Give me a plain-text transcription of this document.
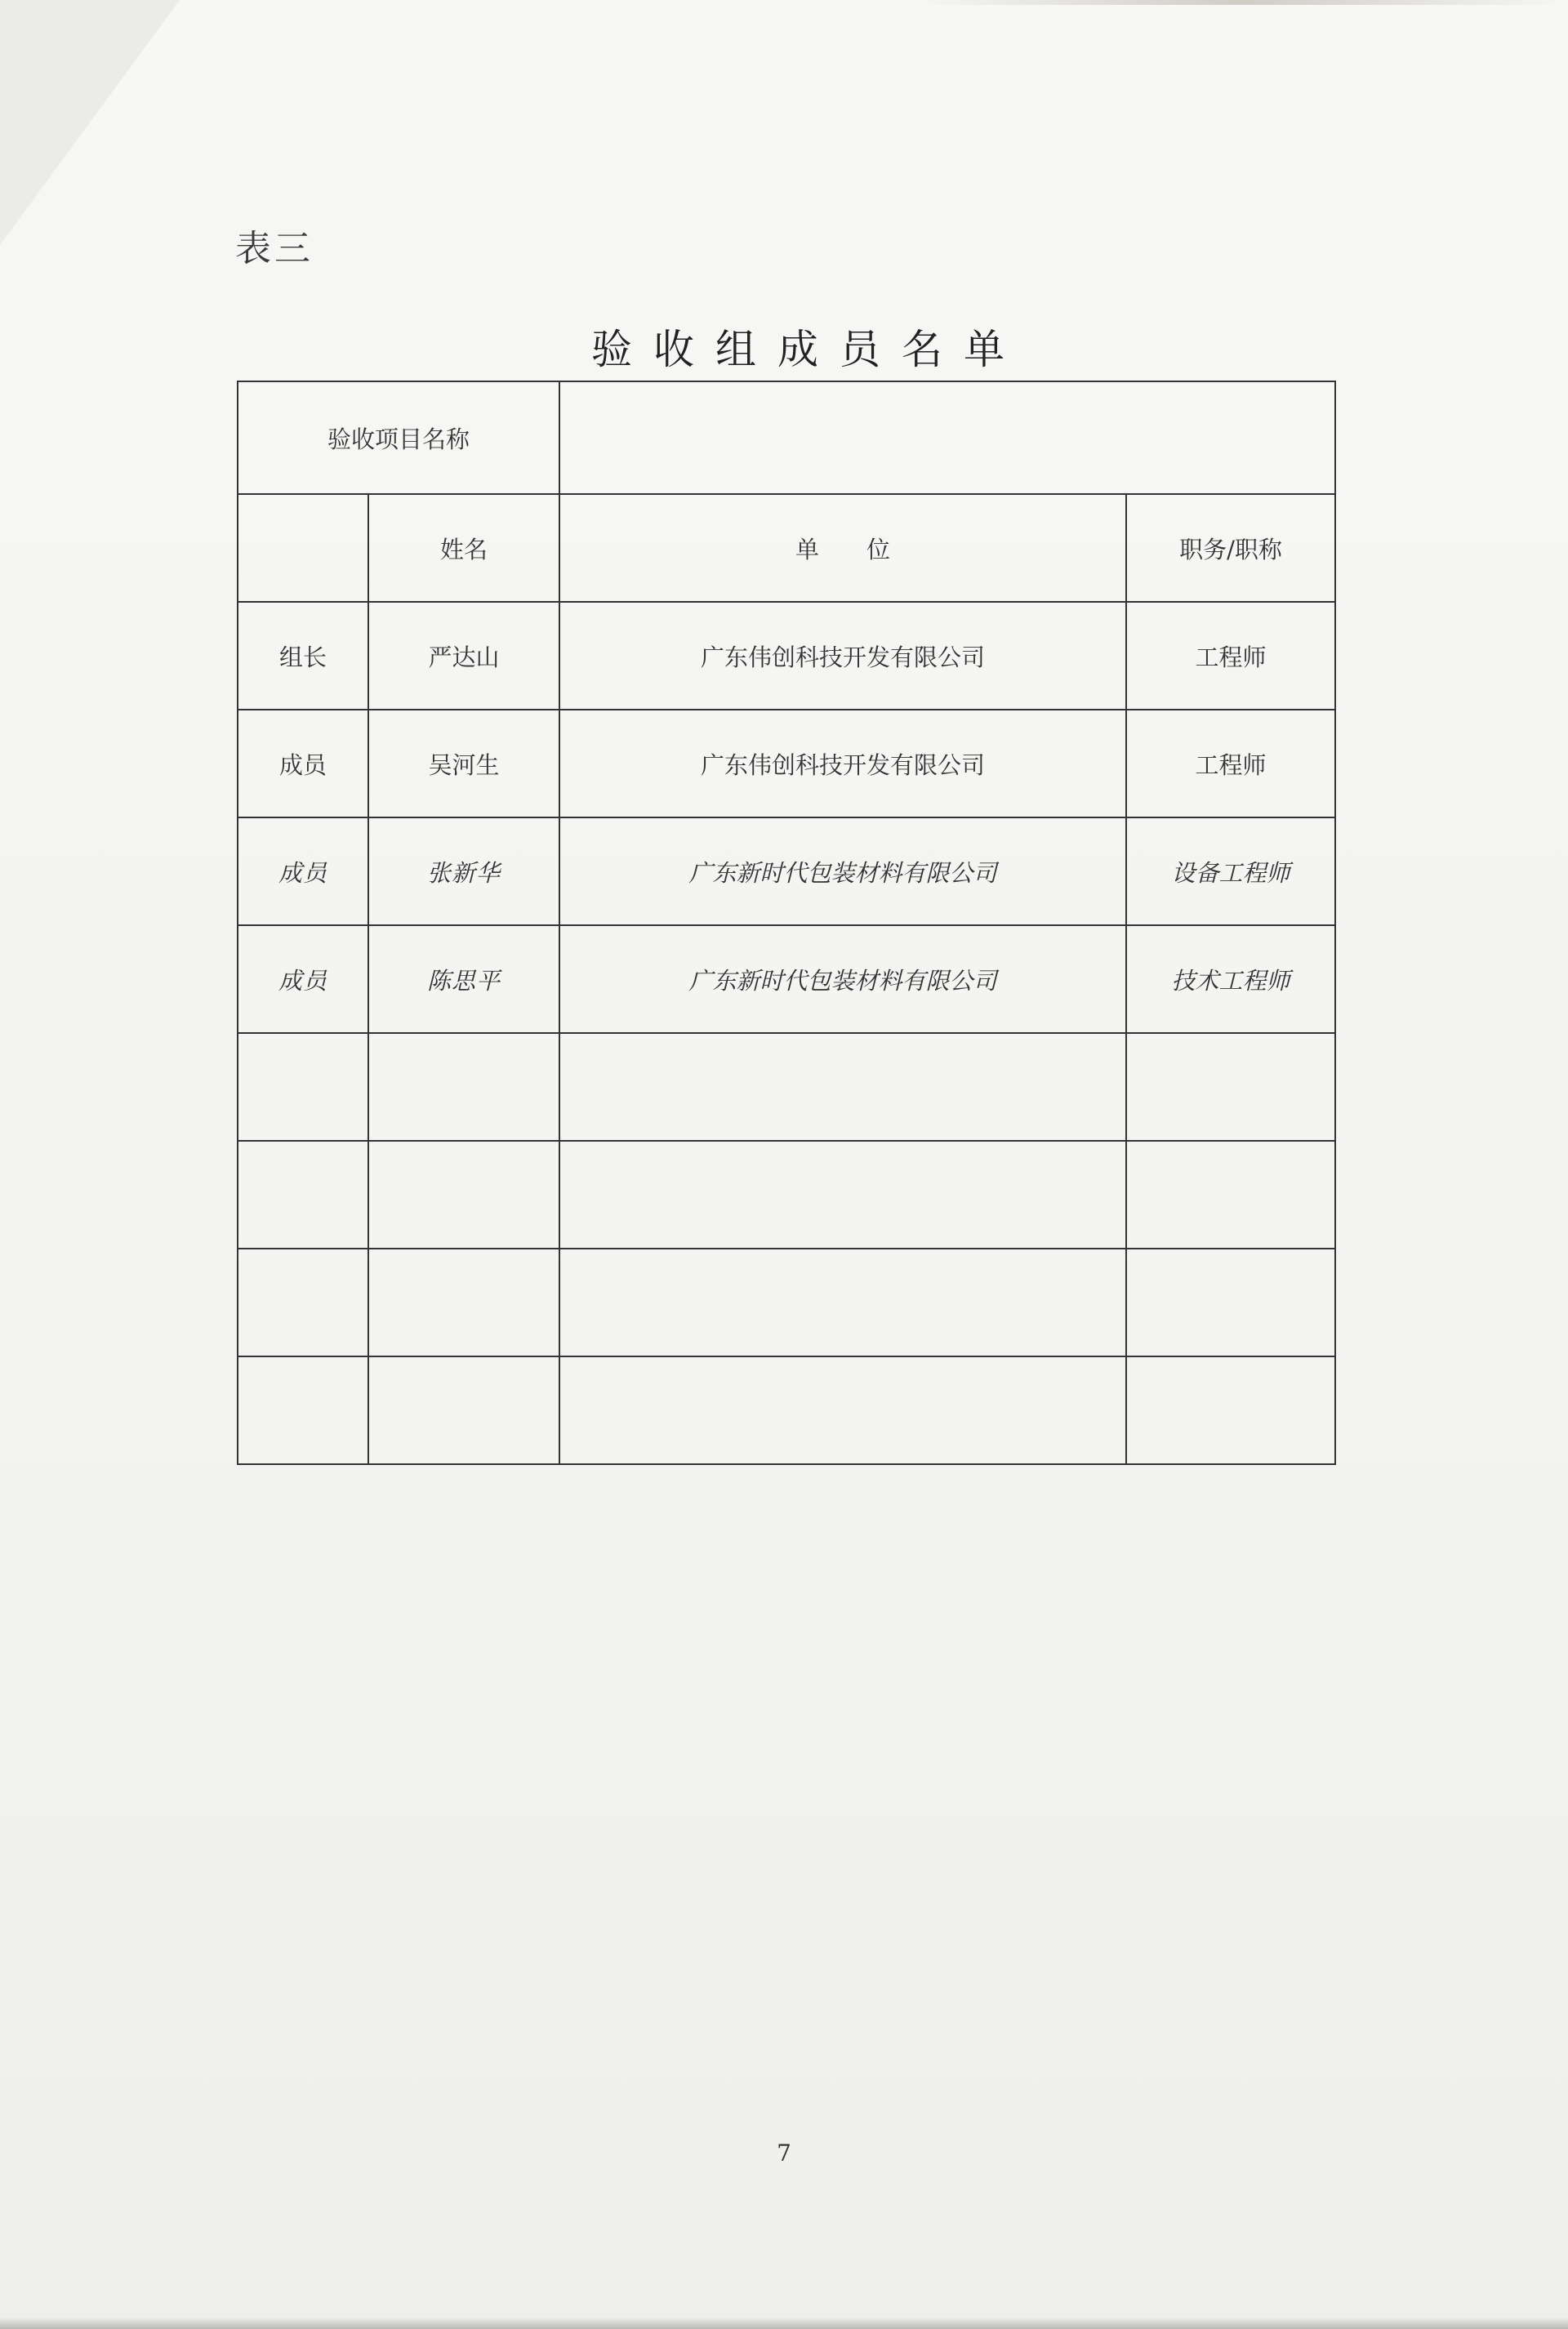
表三
验收组成员名单
验收项目名称			
	姓名	单　　位	职务/职称
组长	严达山	广东伟创科技开发有限公司	工程师
成员	吴河生	广东伟创科技开发有限公司	工程师
成员	张新华	广东新时代包装材料有限公司	设备工程师
成员	陈思平	广东新时代包装材料有限公司	技术工程师

7
